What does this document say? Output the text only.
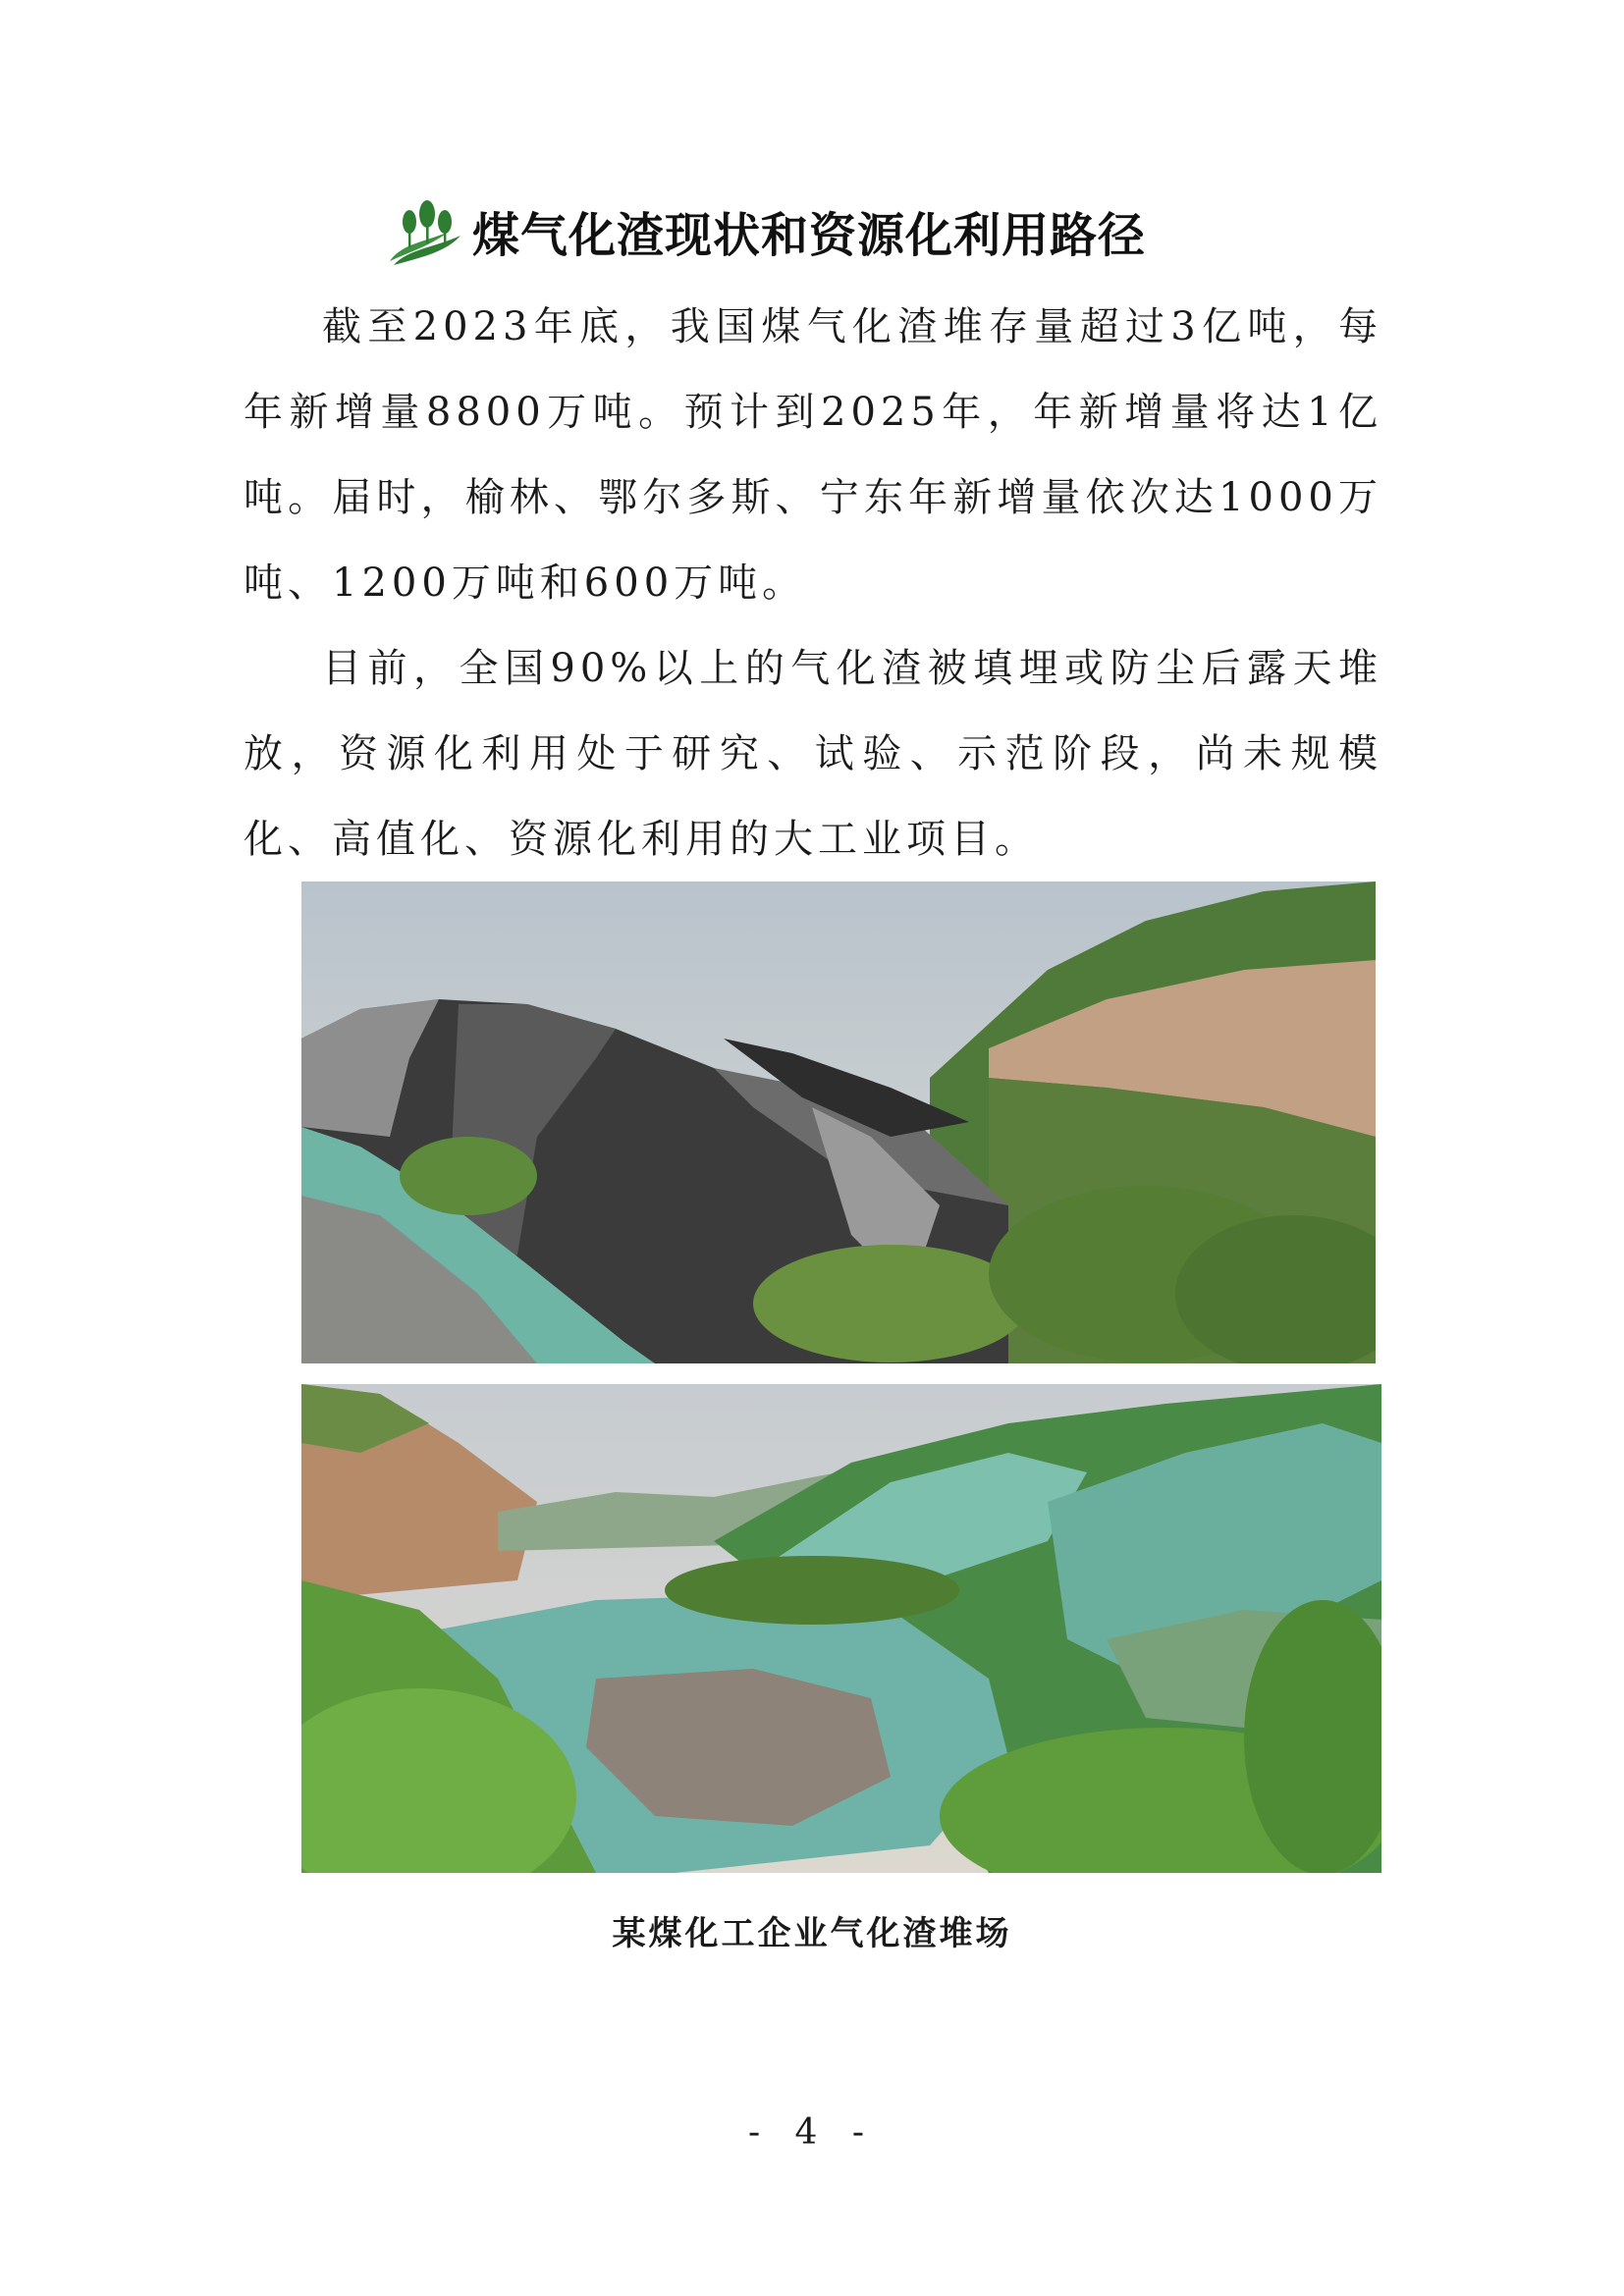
煤气化渣现状和资源化利用路径

截至2023年底，我国煤气化渣堆存量超过3亿吨，每年新增量8800万吨。预计到2025年，年新增量将达1亿吨。届时，榆林、鄂尔多斯、宁东年新增量依次达1000万吨、1200万吨和600万吨。

目前，全国90%以上的气化渣被填埋或防尘后露天堆放，资源化利用处于研究、试验、示范阶段，尚未规模化、高值化、资源化利用的大工业项目。

某煤化工企业气化渣堆场
- 4 -
